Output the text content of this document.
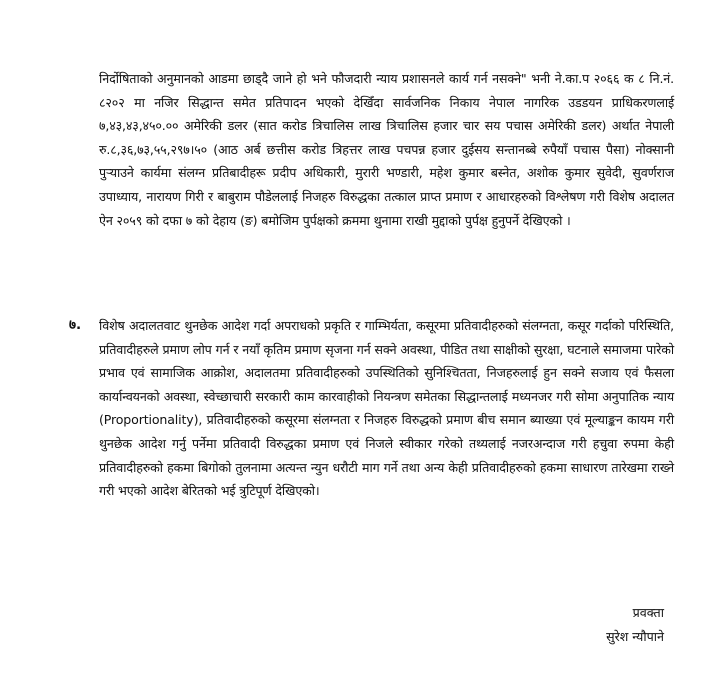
निर्दोषिताको अनुमानको आडमा छाड्दै जाने हो भने फौजदारी न्याय प्रशासनले कार्य गर्न नसक्ने" भनी ने.का.प २०६६ क ८ नि.नं. ८२०२ मा नजिर सिद्धान्त समेत प्रतिपादन भएको देखिँदा सार्वजनिक निकाय नेपाल नागरिक उडडयन प्राधिकरणलाई ७,४३,४३,४५०.०० अमेरिकी डलर (सात करोड त्रिचालिस लाख त्रिचालिस हजार चार सय पचास अमेरिकी डलर) अर्थात नेपाली रु.८,३६,७३,५५,२९७।५० (आठ अर्ब छत्तीस करोड त्रिहत्तर लाख पचपन्न हजार दुईसय सन्तानब्बे रुपैयाँ पचास पैसा) नोक्सानी पुऱ्याउने कार्यमा संलग्न प्रतिबादीहरू प्रदीप अधिकारी, मुरारी भण्डारी, महेश कुमार बस्नेत, अशोक कुमार सुवेदी, सुवर्णराज उपाध्याय, नारायण गिरी र बाबुराम पौडेललाई निजहरु विरुद्धका तत्काल प्राप्त प्रमाण र आधारहरुको विश्लेषण गरी विशेष अदालत ऐन २०५९ को दफा ७ को देहाय (ङ) बमोजिम पुर्पक्षको क्रममा थुनामा राखी मुद्दाको पुर्पक्ष हुनुपर्ने देखिएको ।

७. विशेष अदालतवाट थुनछेक आदेश गर्दा अपराधको प्रकृति र गाम्भिर्यता, कसूरमा प्रतिवादीहरुको संलग्नता, कसूर गर्दाको परिस्थिति, प्रतिवादीहरुले प्रमाण लोप गर्न र नयाँ कृतिम प्रमाण सृजना गर्न सक्ने अवस्था, पीडित तथा साक्षीको सुरक्षा, घटनाले समाजमा पारेको प्रभाव एवं सामाजिक आक्रोश, अदालतमा प्रतिवादीहरुको उपस्थितिको सुनिश्चितता, निजहरुलाई हुन सक्ने सजाय एवं फैसला कार्यान्वयनको अवस्था, स्वेच्छाचारी सरकारी काम कारवाहीको नियन्त्रण समेतका सिद्धान्तलाई मध्यनजर गरी सोमा अनुपातिक न्याय (Proportionality), प्रतिवादीहरुको कसूरमा संलग्नता र निजहरु विरुद्धको प्रमाण बीच समान ब्याख्या एवं मूल्याङ्कन कायम गरी थुनछेक आदेश गर्नु पर्नेमा प्रतिवादी विरुद्धका प्रमाण एवं निजले स्वीकार गरेको तथ्यलाई नजरअन्दाज गरी हचुवा रुपमा केही प्रतिवादीहरुको हकमा बिगोको तुलनामा अत्यन्त न्युन धरौटी माग गर्ने तथा अन्य केही प्रतिवादीहरुको हकमा साधारण तारेखमा राख्ने गरी भएको आदेश बेरितको भई त्रुटिपूर्ण देखिएको।

प्रवक्ता
सुरेश न्यौपाने
